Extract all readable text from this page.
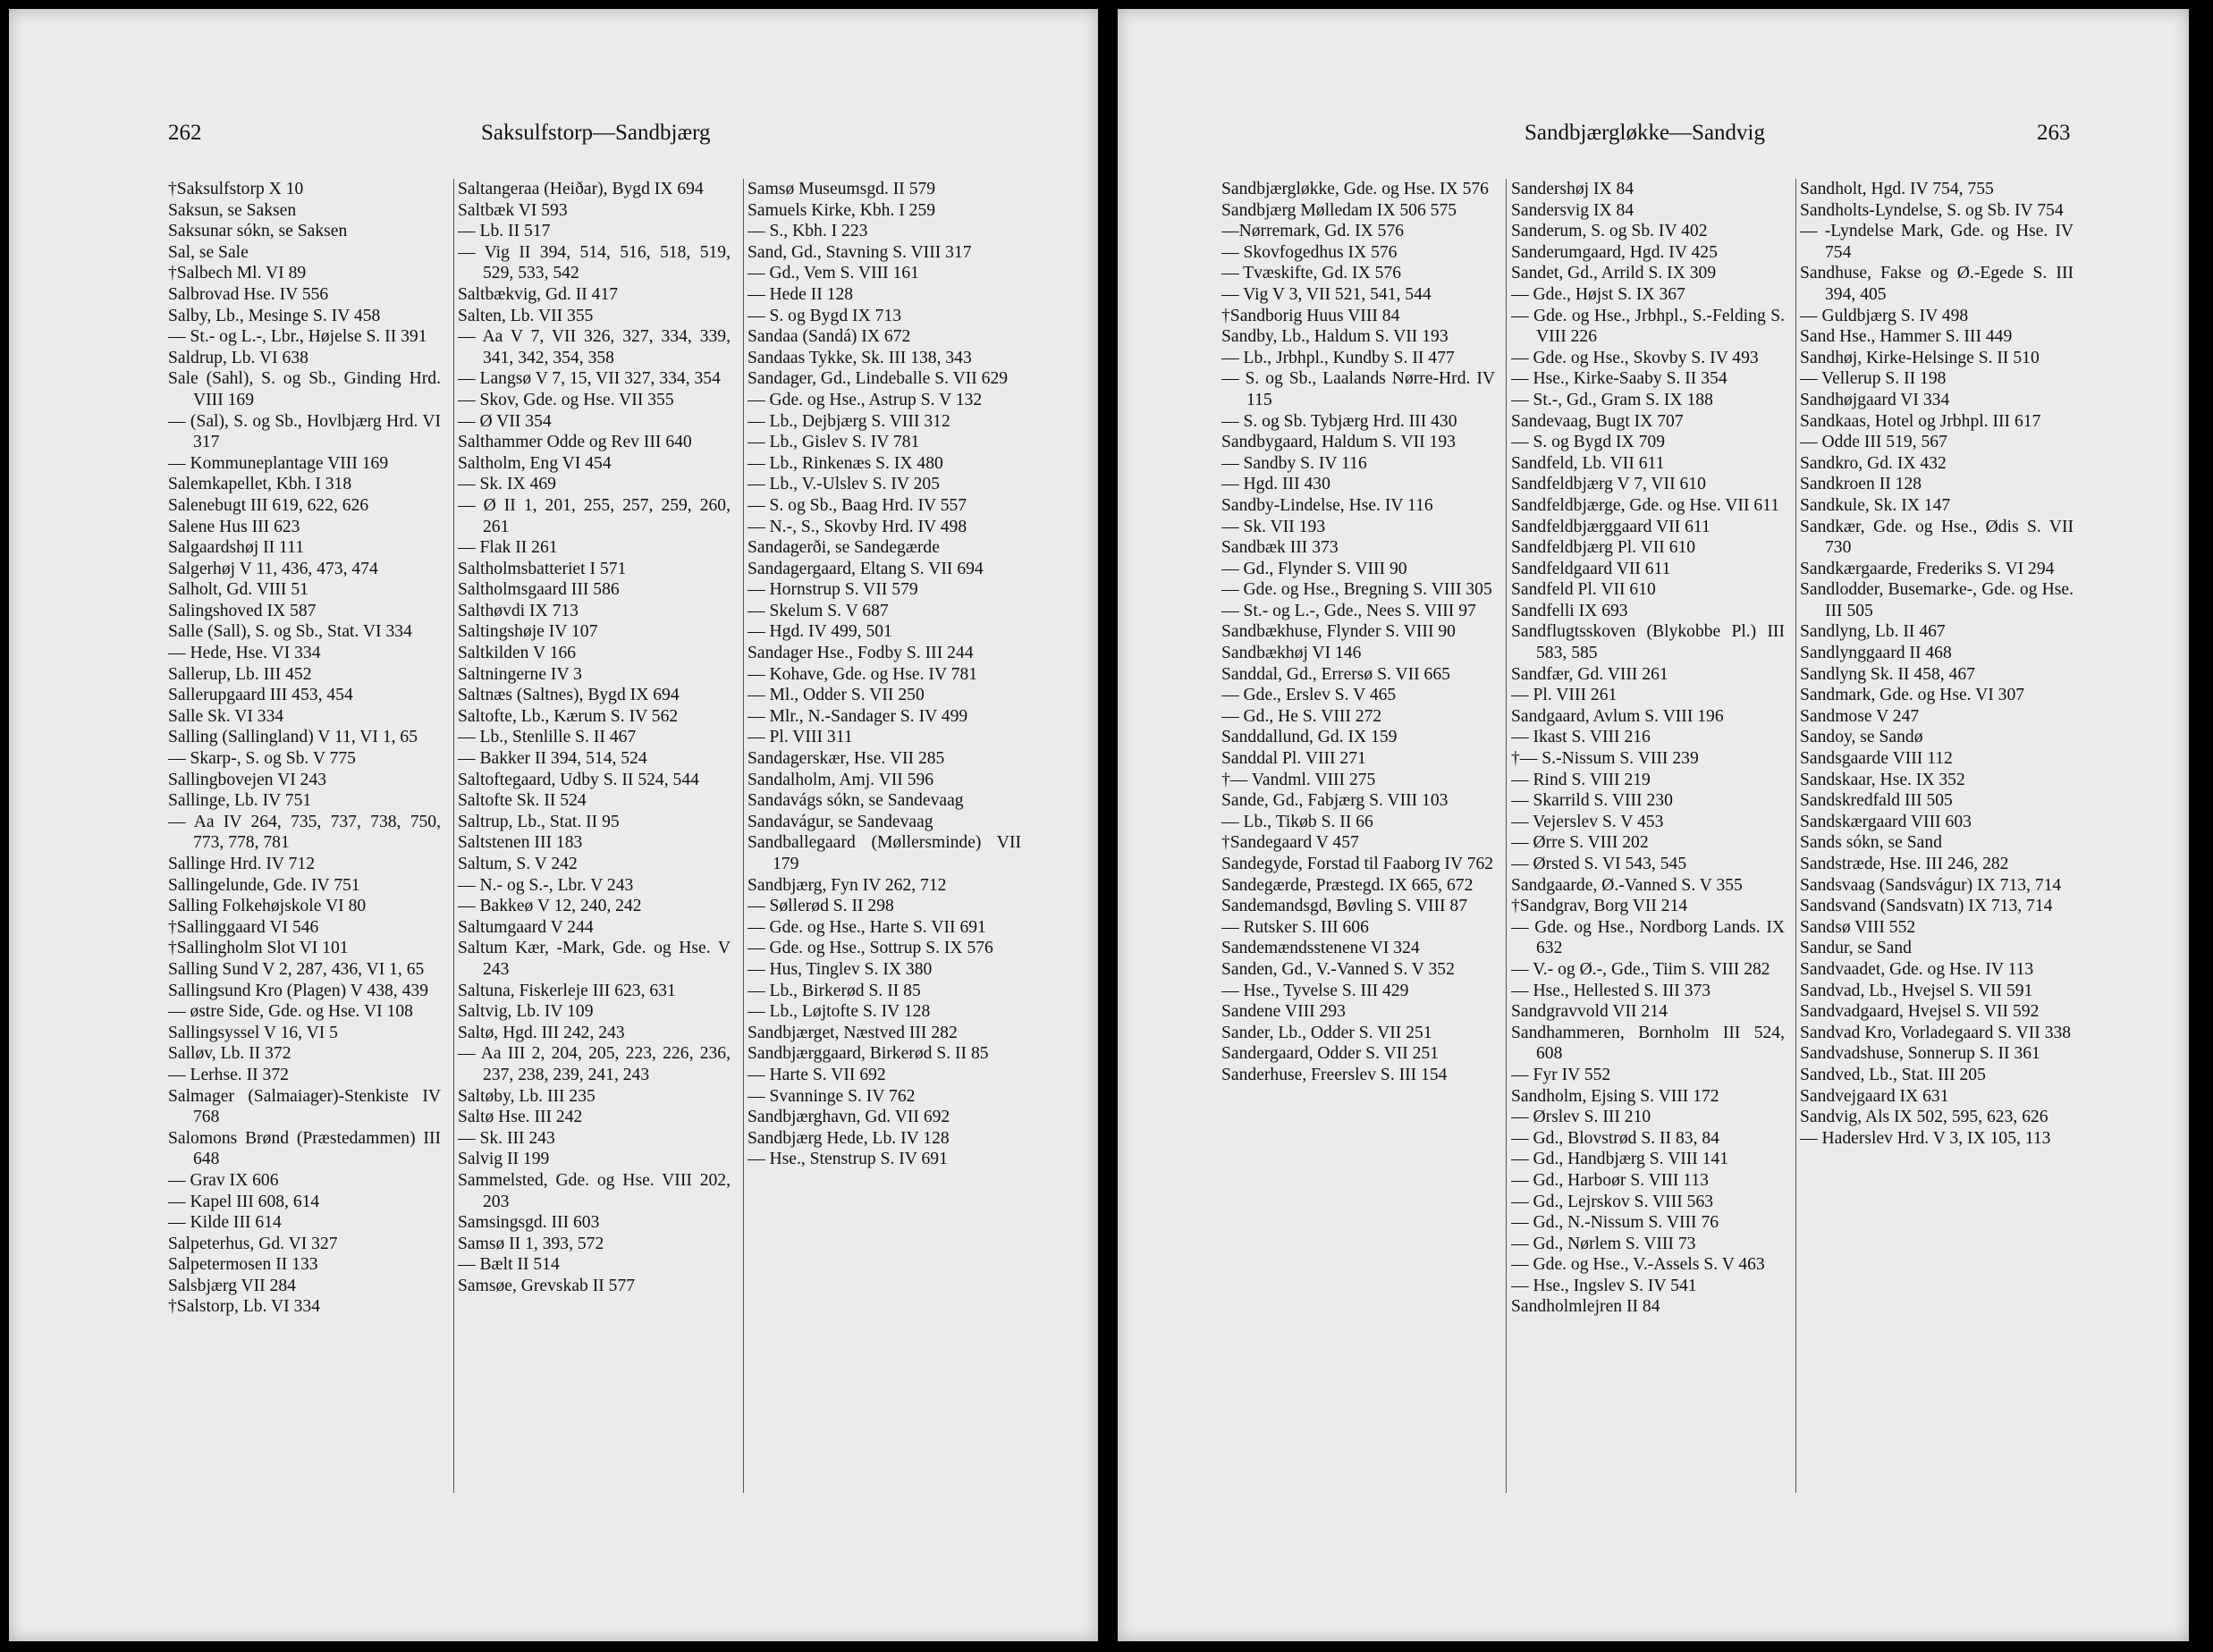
262	Saksulfstorp—Sandbjærg
†Saksulfstorp X 10
Saksun, se Saksen
Saksunar sókn, se Saksen
Sal, se Sale
†Salbech Ml. VI 89
Salbrovad Hse. IV 556
Salby, Lb., Mesinge S. IV 458
— St.- og L.-, Lbr., Højelse S. II 391
Saldrup, Lb. VI 638
Sale (Sahl), S. og Sb., Ginding Hrd. VIII 169
— (Sal), S. og Sb., Hovlbjærg Hrd. VI 317
— Kommuneplantage VIII 169
Salemkapellet, Kbh. I 318
Salenebugt III 619, 622, 626
Salene Hus III 623
Salgaardshøj II 111
Salgerhøj V 11, 436, 473, 474
Salholt, Gd. VIII 51
Salingshoved IX 587
Salle (Sall), S. og Sb., Stat. VI 334
— Hede, Hse. VI 334
Sallerup, Lb. III 452
Sallerupgaard III 453, 454
Salle Sk. VI 334
Salling (Sallingland) V 11, VI 1, 65
— Skarp-, S. og Sb. V 775
Sallingbovejen VI 243
Sallinge, Lb. IV 751
— Aa IV 264, 735, 737, 738, 750, 773, 778, 781
Sallinge Hrd. IV 712
Sallingelunde, Gde. IV 751
Salling Folkehøjskole VI 80
†Sallinggaard VI 546
†Sallingholm Slot VI 101
Salling Sund V 2, 287, 436, VI 1, 65
Sallingsund Kro (Plagen) V 438, 439
— østre Side, Gde. og Hse. VI 108
Sallingsyssel V 16, VI 5
Salløv, Lb. II 372
— Lerhse. II 372
Salmager (Salmaiager)-Stenkiste IV 768
Salomons Brønd (Præstedammen) III 648
— Grav IX 606
— Kapel III 608, 614
— Kilde III 614
Salpeterhus, Gd. VI 327
Salpetermosen II 133
Salsbjærg VII 284
†Salstorp, Lb. VI 334
Saltangeraa (Heiðar), Bygd IX 694
Saltbæk VI 593
— Lb. II 517
— Vig II 394, 514, 516, 518, 519, 529, 533, 542
Saltbækvig, Gd. II 417
Salten, Lb. VII 355
— Aa V 7, VII 326, 327, 334, 339, 341, 342, 354, 358
— Langsø V 7, 15, VII 327, 334, 354
— Skov, Gde. og Hse. VII 355
— Ø VII 354
Salthammer Odde og Rev III 640
Saltholm, Eng VI 454
— Sk. IX 469
— Ø II 1, 201, 255, 257, 259, 260, 261
— Flak II 261
Saltholmsbatteriet I 571
Saltholmsgaard III 586
Salthøvdi IX 713
Saltingshøje IV 107
Saltkilden V 166
Saltningerne IV 3
Saltnæs (Saltnes), Bygd IX 694
Saltofte, Lb., Kærum S. IV 562
— Lb., Stenlille S. II 467
— Bakker II 394, 514, 524
Saltoftegaard, Udby S. II 524, 544
Saltofte Sk. II 524
Saltrup, Lb., Stat. II 95
Saltstenen III 183
Saltum, S. V 242
— N.- og S.-, Lbr. V 243
— Bakkeø V 12, 240, 242
Saltumgaard V 244
Saltum Kær, -Mark, Gde. og Hse. V 243
Saltuna, Fiskerleje III 623, 631
Saltvig, Lb. IV 109
Saltø, Hgd. III 242, 243
— Aa III 2, 204, 205, 223, 226, 236, 237, 238, 239, 241, 243
Saltøby, Lb. III 235
Saltø Hse. III 242
— Sk. III 243
Salvig II 199
Sammelsted, Gde. og Hse. VIII 202, 203
Samsingsgd. III 603
Samsø II 1, 393, 572
— Bælt II 514
Samsøe, Grevskab II 577
Samsø Museumsgd. II 579
Samuels Kirke, Kbh. I 259
— S., Kbh. I 223
Sand, Gd., Stavning S. VIII 317
— Gd., Vem S. VIII 161
— Hede II 128
— S. og Bygd IX 713
Sandaa (Sandá) IX 672
Sandaas Tykke, Sk. III 138, 343
Sandager, Gd., Lindeballe S. VII 629
— Gde. og Hse., Astrup S. V 132
— Lb., Dejbjærg S. VIII 312
— Lb., Gislev S. IV 781
— Lb., Rinkenæs S. IX 480
— Lb., V.-Ulslev S. IV 205
— S. og Sb., Baag Hrd. IV 557
— N.-, S., Skovby Hrd. IV 498
Sandagerði, se Sandegærde
Sandagergaard, Eltang S. VII 694
— Hornstrup S. VII 579
— Skelum S. V 687
— Hgd. IV 499, 501
Sandager Hse., Fodby S. III 244
— Kohave, Gde. og Hse. IV 781
— Ml., Odder S. VII 250
— Mlr., N.-Sandager S. IV 499
— Pl. VIII 311
Sandagerskær, Hse. VII 285
Sandalholm, Amj. VII 596
Sandavágs sókn, se Sandevaag
Sandavágur, se Sandevaag
Sandballegaard (Møllersminde) VII 179
Sandbjærg, Fyn IV 262, 712
— Søllerød S. II 298
— Gde. og Hse., Harte S. VII 691
— Gde. og Hse., Sottrup S. IX 576
— Hus, Tinglev S. IX 380
— Lb., Birkerød S. II 85
— Lb., Løjtofte S. IV 128
Sandbjærget, Næstved III 282
Sandbjærggaard, Birkerød S. II 85
— Harte S. VII 692
— Svanninge S. IV 762
Sandbjærghavn, Gd. VII 692
Sandbjærg Hede, Lb. IV 128
— Hse., Stenstrup S. IV 691
Sandbjærgløkke—Sandvig	263
Sandbjærgløkke, Gde. og Hse. IX 576
Sandbjærg Mølledam IX 506 575
—Nørremark, Gd. IX 576
— Skovfogedhus IX 576
— Tvæskifte, Gd. IX 576
— Vig V 3, VII 521, 541, 544
†Sandborig Huus VIII 84
Sandby, Lb., Haldum S. VII 193
— Lb., Jrbhpl., Kundby S. II 477
— S. og Sb., Laalands Nørre-Hrd. IV 115
— S. og Sb. Tybjærg Hrd. III 430
Sandbygaard, Haldum S. VII 193
— Sandby S. IV 116
— Hgd. III 430
Sandby-Lindelse, Hse. IV 116
— Sk. VII 193
Sandbæk III 373
— Gd., Flynder S. VIII 90
— Gde. og Hse., Bregning S. VIII 305
— St.- og L.-, Gde., Nees S. VIII 97
Sandbækhuse, Flynder S. VIII 90
Sandbækhøj VI 146
Sanddal, Gd., Errersø S. VII 665
— Gde., Erslev S. V 465
— Gd., He S. VIII 272
Sanddallund, Gd. IX 159
Sanddal Pl. VIII 271
†— Vandml. VIII 275
Sande, Gd., Fabjærg S. VIII 103
— Lb., Tikøb S. II 66
†Sandegaard V 457
Sandegyde, Forstad til Faaborg IV 762
Sandegærde, Præstegd. IX 665, 672
Sandemandsgd, Bøvling S. VIII 87
— Rutsker S. III 606
Sandemændsstenene VI 324
Sanden, Gd., V.-Vanned S. V 352
— Hse., Tyvelse S. III 429
Sandene VIII 293
Sander, Lb., Odder S. VII 251
Sandergaard, Odder S. VII 251
Sanderhuse, Freerslev S. III 154
Sandershøj IX 84
Sandersvig IX 84
Sanderum, S. og Sb. IV 402
Sanderumgaard, Hgd. IV 425
Sandet, Gd., Arrild S. IX 309
— Gde., Højst S. IX 367
— Gde. og Hse., Jrbhpl., S.-Felding S. VIII 226
— Gde. og Hse., Skovby S. IV 493
— Hse., Kirke-Saaby S. II 354
— St.-, Gd., Gram S. IX 188
Sandevaag, Bugt IX 707
— S. og Bygd IX 709
Sandfeld, Lb. VII 611
Sandfeldbjærg V 7, VII 610
Sandfeldbjærge, Gde. og Hse. VII 611
Sandfeldbjærggaard VII 611
Sandfeldbjærg Pl. VII 610
Sandfeldgaard VII 611
Sandfeld Pl. VII 610
Sandfelli IX 693
Sandflugtsskoven (Blykobbe Pl.) III 583, 585
Sandfær, Gd. VIII 261
— Pl. VIII 261
Sandgaard, Avlum S. VIII 196
— Ikast S. VIII 216
†— S.-Nissum S. VIII 239
— Rind S. VIII 219
— Skarrild S. VIII 230
— Vejerslev S. V 453
— Ørre S. VIII 202
— Ørsted S. VI 543, 545
Sandgaarde, Ø.-Vanned S. V 355
†Sandgrav, Borg VII 214
— Gde. og Hse., Nordborg Lands. IX 632
— V.- og Ø.-, Gde., Tiim S. VIII 282
— Hse., Hellested S. III 373
Sandgravvold VII 214
Sandhammeren, Bornholm III 524, 608
— Fyr IV 552
Sandholm, Ejsing S. VIII 172
— Ørslev S. III 210
— Gd., Blovstrød S. II 83, 84
— Gd., Handbjærg S. VIII 141
— Gd., Harboør S. VIII 113
— Gd., Lejrskov S. VIII 563
— Gd., N.-Nissum S. VIII 76
— Gd., Nørlem S. VIII 73
— Gde. og Hse., V.-Assels S. V 463
— Hse., Ingslev S. IV 541
Sandholmlejren II 84
Sandholt, Hgd. IV 754, 755
Sandholts-Lyndelse, S. og Sb. IV 754
— -Lyndelse Mark, Gde. og Hse. IV 754
Sandhuse, Fakse og Ø.-Egede S. III 394, 405
— Guldbjærg S. IV 498
Sand Hse., Hammer S. III 449
Sandhøj, Kirke-Helsinge S. II 510
— Vellerup S. II 198
Sandhøjgaard VI 334
Sandkaas, Hotel og Jrbhpl. III 617
— Odde III 519, 567
Sandkro, Gd. IX 432
Sandkroen II 128
Sandkule, Sk. IX 147
Sandkær, Gde. og Hse., Ødis S. VII 730
Sandkærgaarde, Frederiks S. VI 294
Sandlodder, Busemarke-, Gde. og Hse. III 505
Sandlyng, Lb. II 467
Sandlynggaard II 468
Sandlyng Sk. II 458, 467
Sandmark, Gde. og Hse. VI 307
Sandmose V 247
Sandoy, se Sandø
Sandsgaarde VIII 112
Sandskaar, Hse. IX 352
Sandskredfald III 505
Sandskærgaard VIII 603
Sands sókn, se Sand
Sandstræde, Hse. III 246, 282
Sandsvaag (Sandsvágur) IX 713, 714
Sandsvand (Sandsvatn) IX 713, 714
Sandsø VIII 552
Sandur, se Sand
Sandvaadet, Gde. og Hse. IV 113
Sandvad, Lb., Hvejsel S. VII 591
Sandvadgaard, Hvejsel S. VII 592
Sandvad Kro, Vorladegaard S. VII 338
Sandvadshuse, Sonnerup S. II 361
Sandved, Lb., Stat. III 205
Sandvejgaard IX 631
Sandvig, Als IX 502, 595, 623, 626
— Haderslev Hrd. V 3, IX 105, 113
